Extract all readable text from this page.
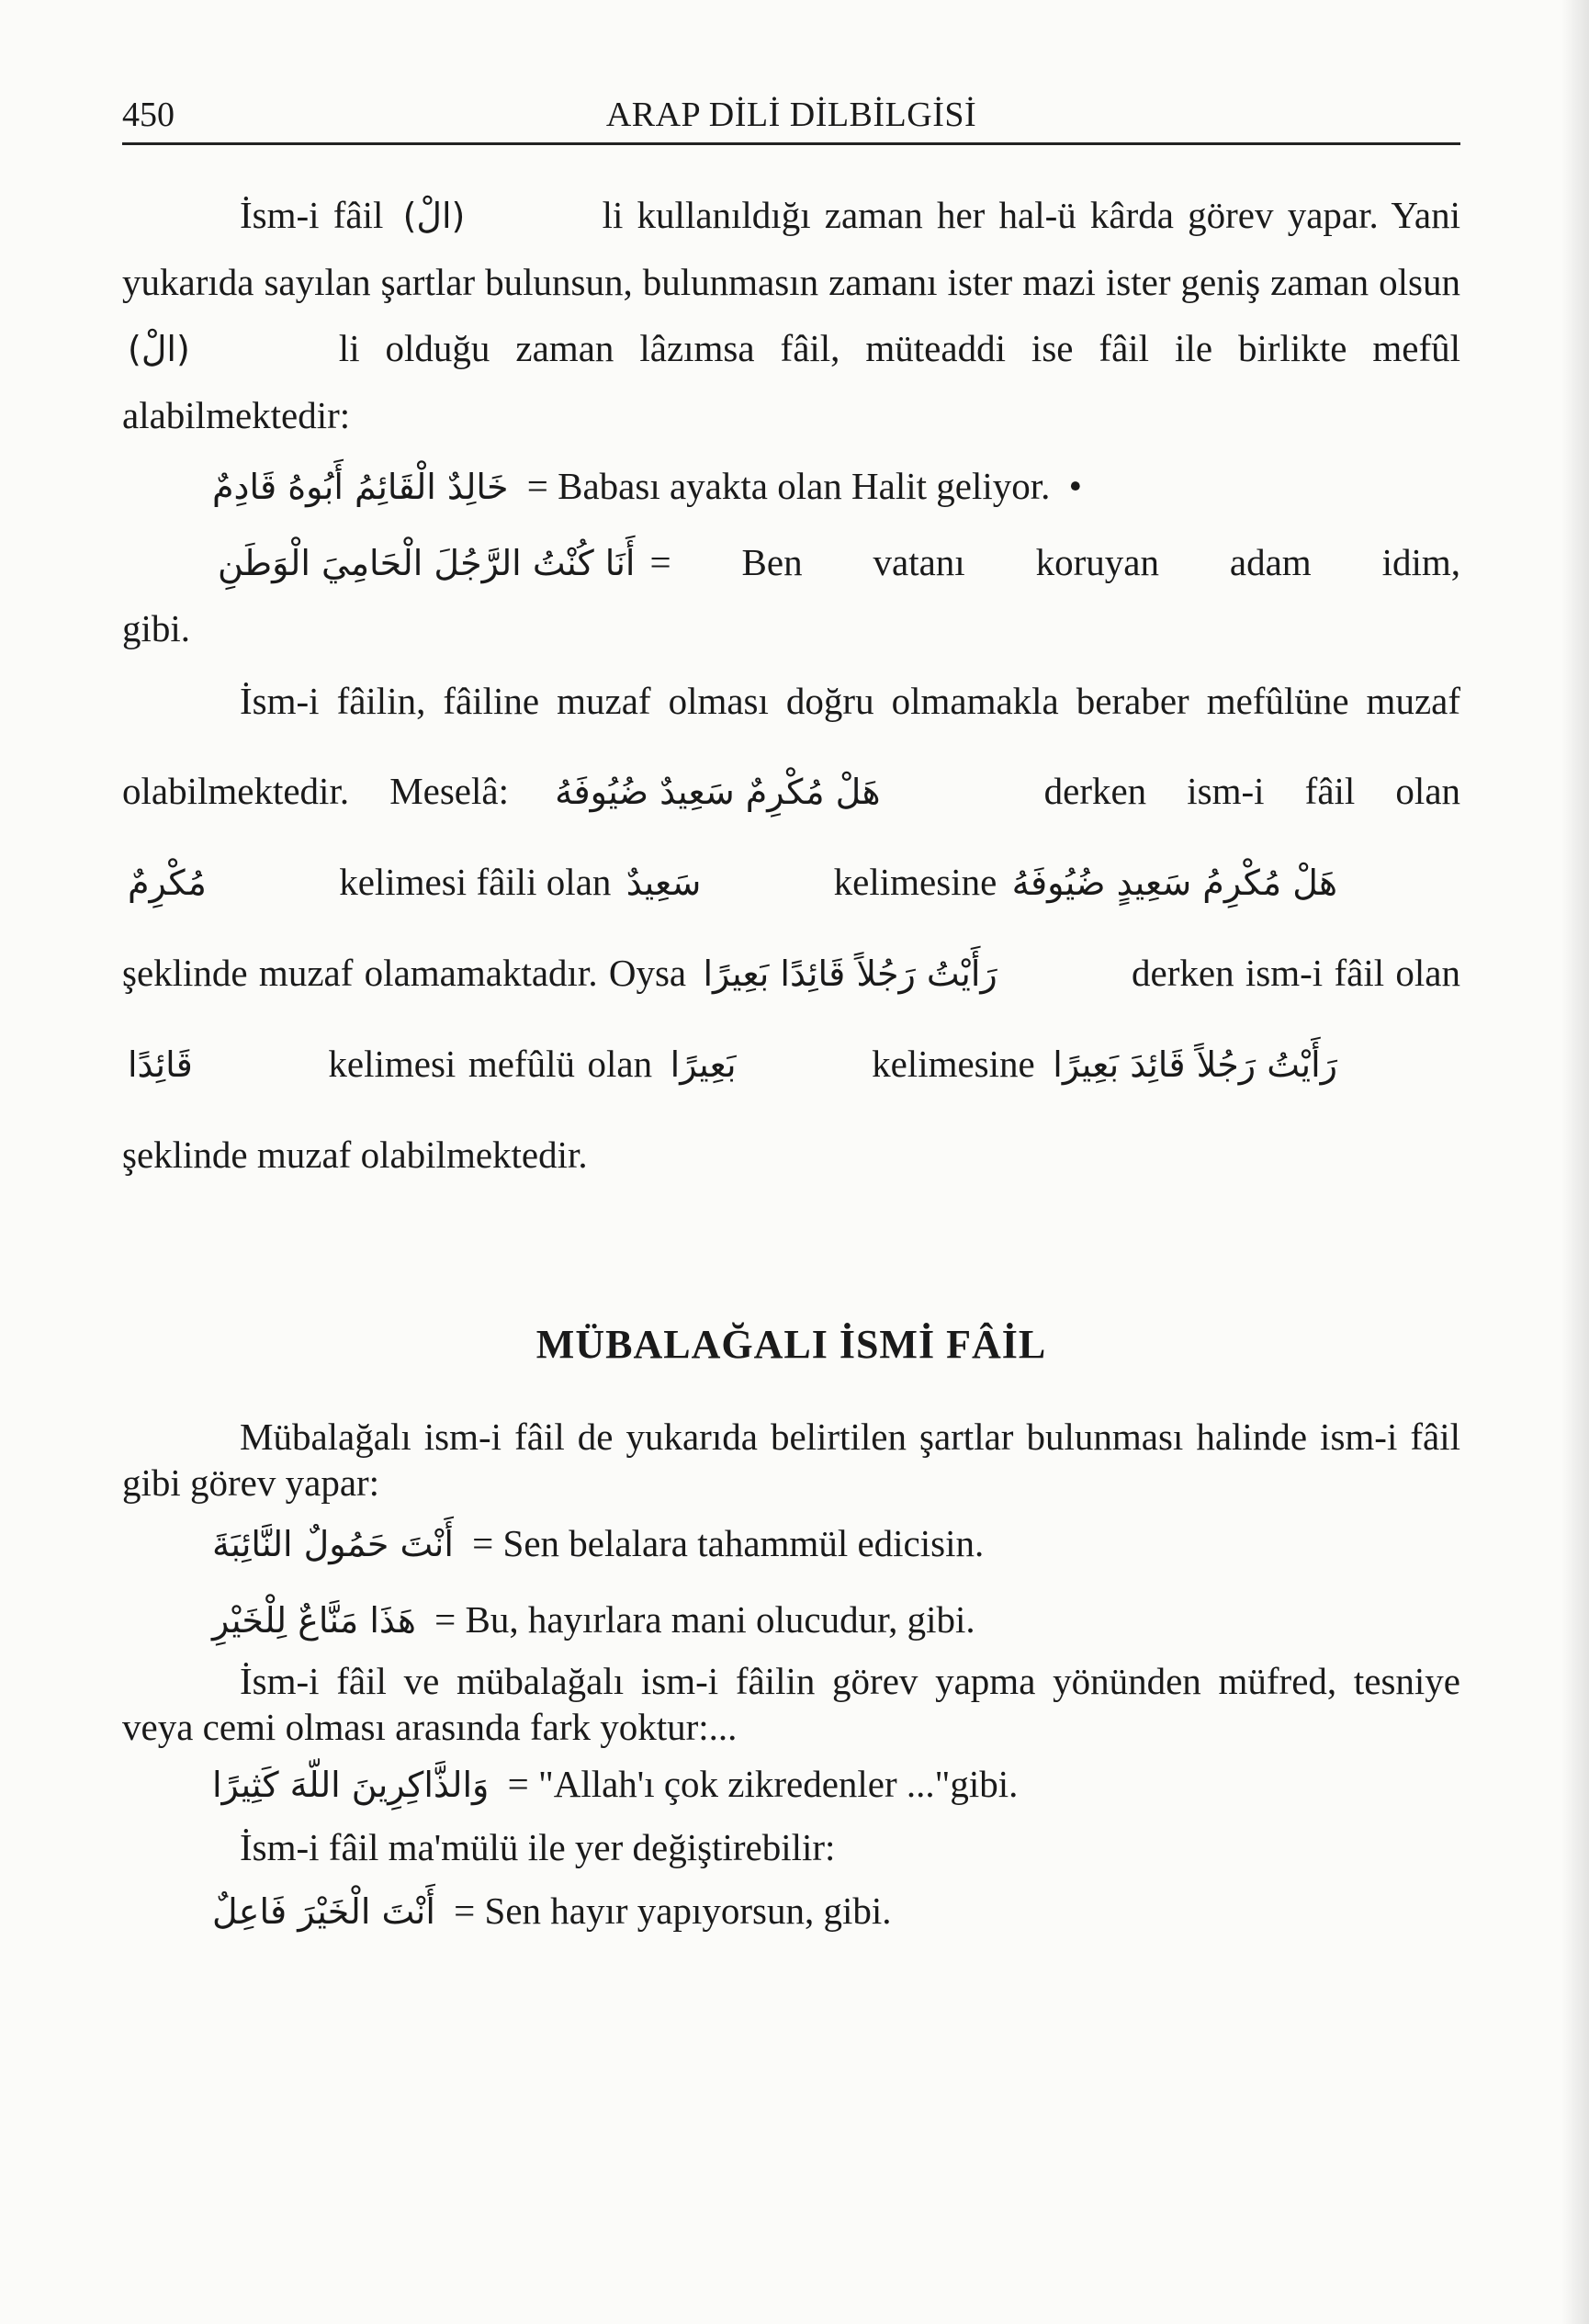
450	ARAP DİLİ DİLBİLGİSİ

İsm-i fâil (الْ)	li kullanıldığı zaman her hal-ü kârda görev yapar. Yani yukarıda sayılan şartlar bulunsun, bulunmasın zamanı ister mazi ister geniş zaman olsun (الْ)	li olduğu zaman lâzımsa fâil, müteaddi ise fâil ile birlikte mefûl alabilmektedir:

خَالِدٌ الْقَائِمُ أَبُوهُ قَادِمٌ = Babası ayakta olan Halit geliyor. •

أَنَا كُنْتُ الرَّجُلَ الْحَامِيَ الْوَطَنِ = Ben vatanı koruyan adam idim,

gibi.

İsm-i fâilin, fâiline muzaf olması doğru olmamakla beraber mefûlüne muzaf olabilmektedir. Meselâ: هَلْ مُكْرِمٌ سَعِيدٌ ضُيُوفَهُ	derken ism-i fâil olan مُكْرِمٌ	kelimesi fâili olan سَعِيدٌ	kelimesine هَلْ مُكْرِمُ سَعِيدٍ ضُيُوفَهُ şeklinde muzaf olamamaktadır. Oysa رَأَيْتُ رَجُلاً قَائِدًا بَعِيرًا	derken ism-i fâil olan قَائِدًا	kelimesi mefûlü olan بَعِيرًا	kelimesine رَأَيْتُ رَجُلاً قَائِدَ بَعِيرًا şeklinde muzaf olabilmektedir.

MÜBALAĞALI İSMİ FÂİL

Mübalağalı ism-i fâil de yukarıda belirtilen şartlar bulunması halinde ism-i fâil gibi görev yapar:

أَنْتَ حَمُولٌ النَّائِبَةَ = Sen belalara tahammül edicisin.

هَذَا مَنَّاعٌ لِلْخَيْرِ = Bu, hayırlara mani olucudur, gibi.

İsm-i fâil ve mübalağalı ism-i fâilin görev yapma yönünden müfred, tesniye veya cemi olması arasında fark yoktur:...

وَالذَّاكِرِينَ اللّهَ كَثِيرًا = "Allah'ı çok zikredenler ..."gibi.

İsm-i fâil ma'mülü ile yer değiştirebilir:

أَنْتَ الْخَيْرَ فَاعِلٌ = Sen hayır yapıyorsun, gibi.
